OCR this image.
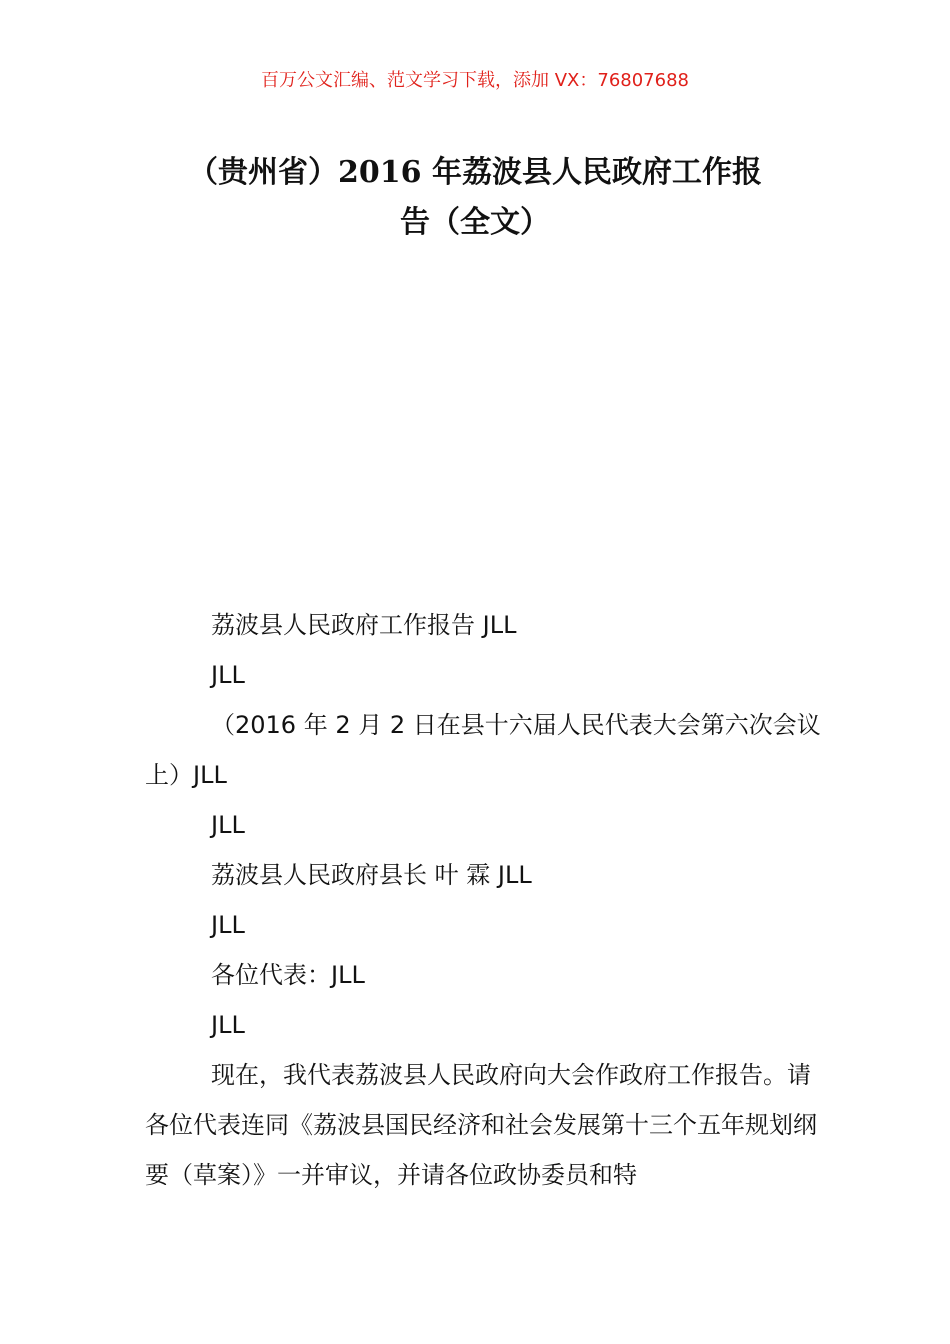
百万公文汇编、范文学习下载，添加 VX：76807688
（贵州省）2016 年荔波县人民政府工作报
告（全文）

荔波县人民政府工作报告 JLL

JLL

（2016 年 2 月 2 日在县十六届人民代表大会第六次会议上）JLL

JLL

荔波县人民政府县长 叶 霖 JLL

JLL

各位代表：JLL

JLL

现在，我代表荔波县人民政府向大会作政府工作报告。请各位代表连同《荔波县国民经济和社会发展第十三个五年规划纲要（草案）》一并审议，并请各位政协委员和特
